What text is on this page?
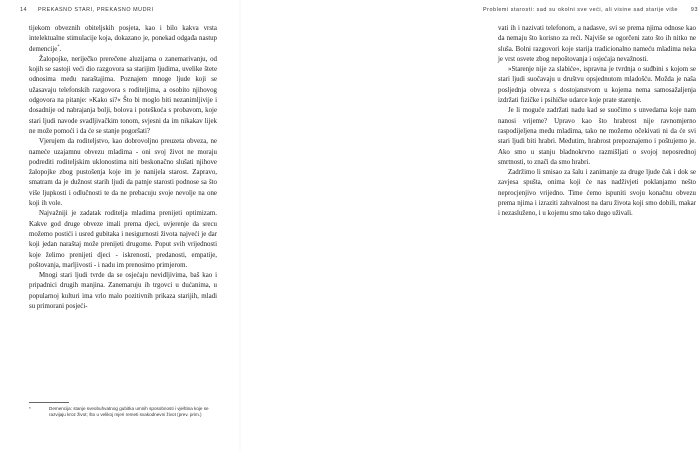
14 PREKASNO STARI, PREKASNO MUDRI

tijekom obveznih obiteljskih posjeta, kao i bilo kakva vrsta intelektualne stimulacije koja, dokazano je, ponekad odgađa nastup demencije*.

Žalopojke, neriječko prerečene aluzijama o zanemarivanju, od kojih se sastoji veći dio razgovora sa starijim ljudima, uvelike štete odnosima među naraštajima. Poznajem mnoge ljude koji se užasavaju telefonskih razgovora s roditeljima, a osobito njihovog odgovora na pitanje: »Kako si?« Što bi moglo biti nezanimljivije i dosadnije od nabrajanja bolji, bolova i poteškoća s probavom, koje stari ljudi navode svadljivačkim tonom, svjesni da im nikakav lijek ne može pomoći i da će se stanje pogoršati?

Vjerujem da roditeljstvo, kao dobrovoljno preuzeta obveza, ne nameće uzajamnu obvezu mladima - oni svoj život ne moraju podrediti roditeljskim uklonostima niti beskonačno slušati njihove žalopojke zbog pustošenja koje im je nanijela starost. Zapravo, smatram da je dužnost starih ljudi da patnje starosti podnose sa što više ljupkosti i odlučnosti te da ne prebacuju svoje nevolje na one koji ih vole.

Najvažniji je zadatak roditelja mladima prenijeti optimizam. Kakve god druge obveze imali prema djeci, uvjerenje da srecu možemo postići i usred gubitaka i nesigurnosti života najveći je dar koji jedan naraštaj može prenijeti drugome. Poput svih vrijednosti koje želimo prenijeti djeci - iskrenosti, predanosti, empatije, poštovanja, marljivosti - i nadu im prenosimo primjerom.

Mnogi stari ljudi tvrde da se osjećaju nevidljivima, baš kao i pripadnici drugih manjina. Zanemaruju ih trgovci u dućanima, u popularnoj kulturi ima vrlo malo pozitivnih prikaza starijih, mladi su primorani posjeći-

*	Demencija: stanje sveobuhvatnog gubitka umnih sposobnosti i vještina koje se razvijaju kroz život; što u velikoj mjeri remeti svakodnevni život (prev. prim.)
Problemi starosti: sad su okolni sve veći, ali visine sad starije više 93

vati ih i nazivati telefonom, a nadasve, svi se prema njima odnose kao da nemaju što korisno za reći. Najviše se ogorčeni zato što ih nitko ne sluša. Bolni razgovori koje starija tradicionalno nameću mladima neka je vrst osvete zbog nepoštovanja i osjećaja nevažnosti.

»Starenje nije za slabiće«, ispravna je tvrdnja o suđbini s kojom se stari ljudi suočavaju u društvu opsjednutom mladošću. Možda je naša posljednja obveza s dostojanstvom u kojema nema samosažaljenja izdržati fizičke i psihičke udarce koje prate starenje.

Je li moguće zadržati nadu kad se suočimo s unvedama koje nam nanosi vrijeme? Upravo kao što hrabrost nije ravnomjerno raspodijeljena među mladima, tako ne možemo očekivati ni da će svi stari ljudi biti hrabri. Međutim, hrabrost prepoznajemo i poštujemo je. Ako smo u stanju bladnokrvno razmišljati o svojoj neposrednoj smrtnosti, to znači da smo hrabri.

Zadržimo li smisao za šalu i zanimanje za druge ljude čak i dok se zavjesa spušta, onima koji će nas nadživjeti poklanjamo nešto neprocjenjivo vrijedno. Time ćemo ispuniti svoju konačnu obvezu prema njima i izraziti zahvalnost na daru života koji smo dobili, makar i nezasluženo, i u kojemu smo tako dugo uživali.
